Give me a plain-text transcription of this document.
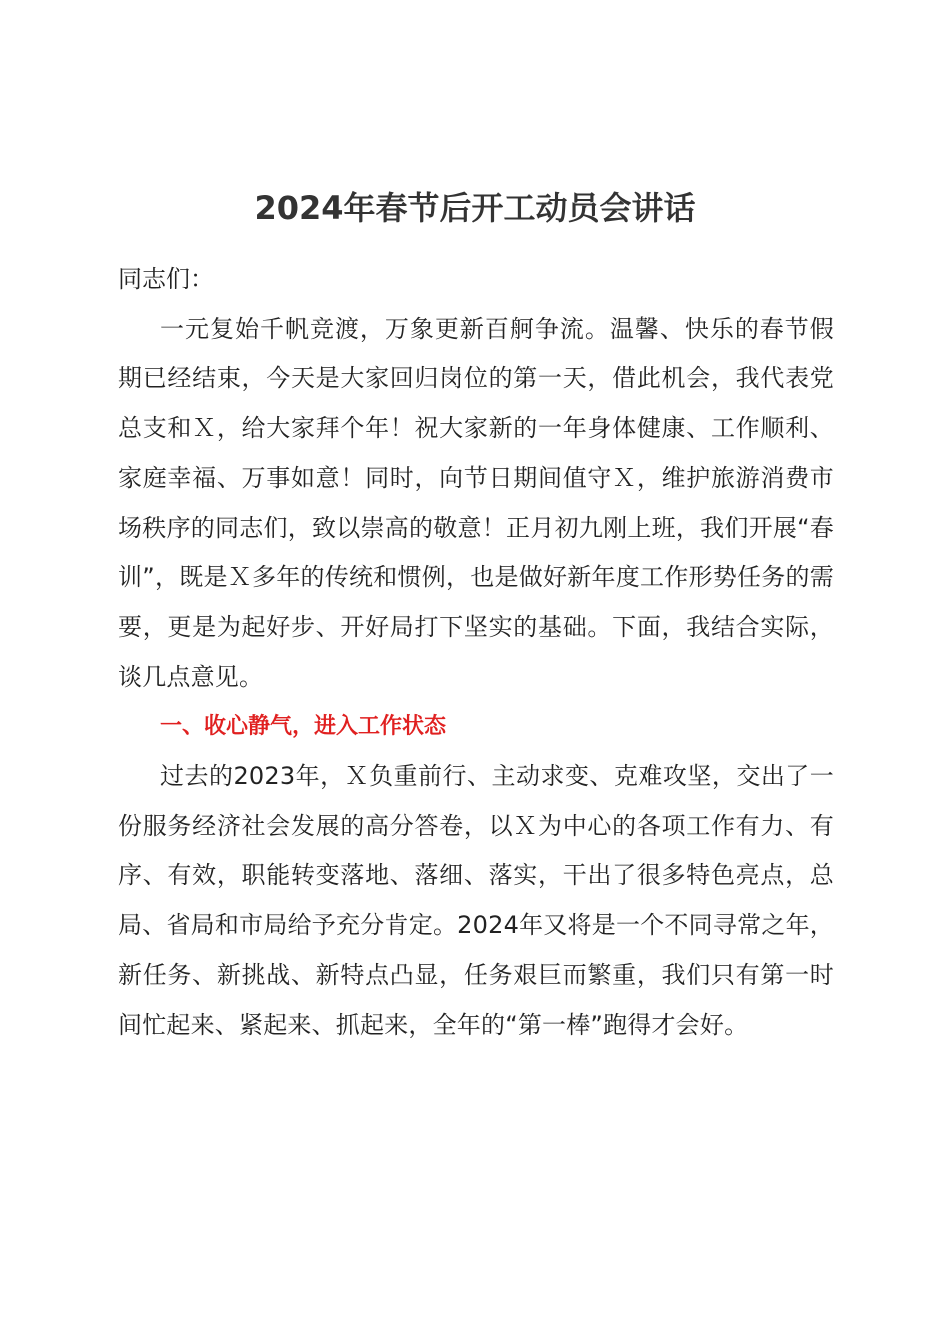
2024年春节后开工动员会讲话

同志们：

一元复始千帆竞渡，万象更新百舸争流。温馨、快乐的春节假期已经结束，今天是大家回归岗位的第一天，借此机会，我代表党总支和Ｘ，给大家拜个年！祝大家新的一年身体健康、工作顺利、家庭幸福、万事如意！同时，向节日期间值守Ｘ，维护旅游消费市场秩序的同志们，致以崇高的敬意！正月初九刚上班，我们开展“春训”，既是Ｘ多年的传统和惯例，也是做好新年度工作形势任务的需要，更是为起好步、开好局打下坚实的基础。下面，我结合实际，谈几点意见。

一、收心静气，进入工作状态

过去的2023年，Ｘ负重前行、主动求变、克难攻坚，交出了一份服务经济社会发展的高分答卷，以Ｘ为中心的各项工作有力、有序、有效，职能转变落地、落细、落实，干出了很多特色亮点，总局、省局和市局给予充分肯定。2024年又将是一个不同寻常之年，新任务、新挑战、新特点凸显，任务艰巨而繁重，我们只有第一时间忙起来、紧起来、抓起来，全年的“第一棒”跑得才会好。
